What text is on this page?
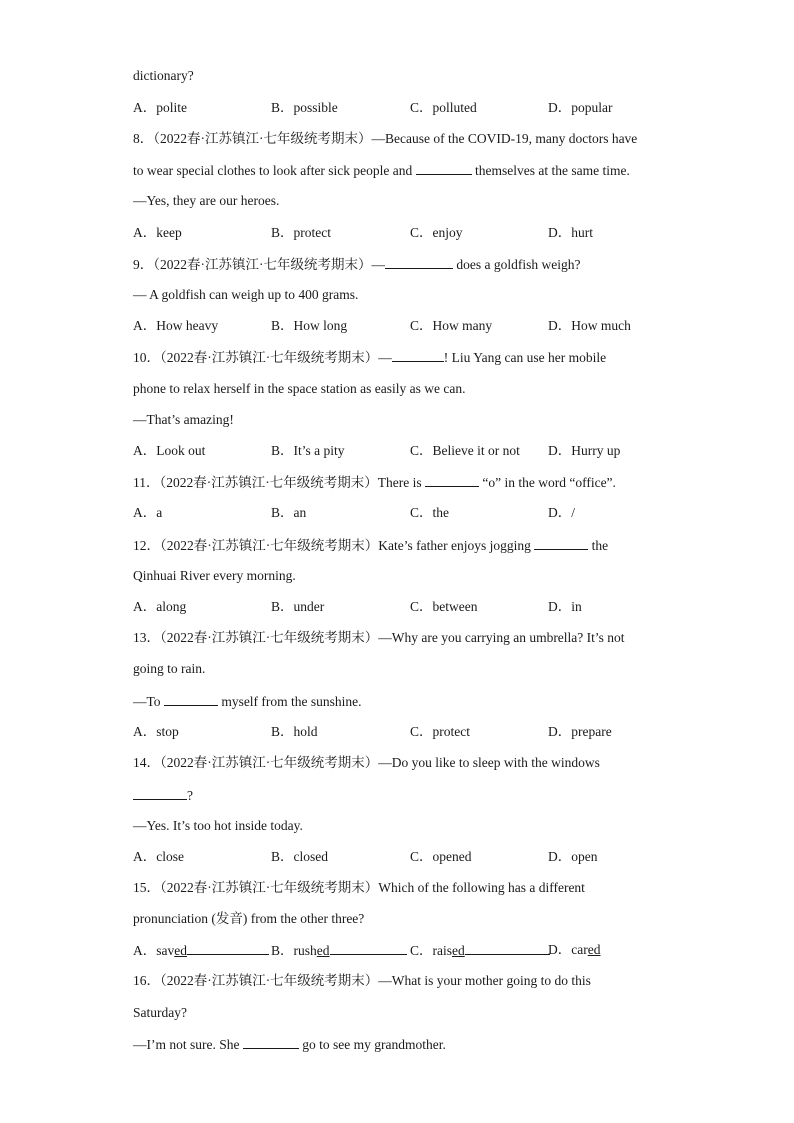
dictionary?
A．polite	B．possible	C．polluted	D．popular
8．（2022春·江苏镇江·七年级统考期末）—Because of the COVID-19, many doctors have
to wear special clothes to look after sick people and	themselves at the same time.
—Yes, they are our heroes.
A．keep	B．protect	C．enjoy	D．hurt
9．（2022春·江苏镇江·七年级统考期末）—	does a goldfish weigh?
— A goldfish can weigh up to 400 grams.
A．How heavy	B．How long	C．How many	D．How much
10．（2022春·江苏镇江·七年级统考期末）—	! Liu Yang can use her mobile
phone to relax herself in the space station as easily as we can.
—That’s amazing!
A．Look out	B．It’s a pity	C．Believe it or not D．Hurry up
11．（2022春·江苏镇江·七年级统考期末）There is	“o” in the word “office”.
A．a	B．an	C．the	D．/
12．（2022春·江苏镇江·七年级统考期末）Kate’s father enjoys jogging	the
Qinhuai River every morning.
A．along	B．under	C．between	D．in
13．（2022春·江苏镇江·七年级统考期末）—Why are you carrying an umbrella? It’s not
going to rain.
—To	myself from the sunshine.
A．stop	B．hold	C．protect	D．prepare
14．（2022春·江苏镇江·七年级统考期末）—Do you like to sleep with the windows
?
—Yes. It’s too hot inside today.
A．close	B．closed	C．opened	D．open
15．（2022春·江苏镇江·七年级统考期末）Which of the following has a different
pronunciation (发音) from the other three?
A．saved	B．rushed	C．raised	D．cared
16．（2022春·江苏镇江·七年级统考期末）—What is your mother going to do this
Saturday?
—I’m not sure. She	go to see my grandmother.
